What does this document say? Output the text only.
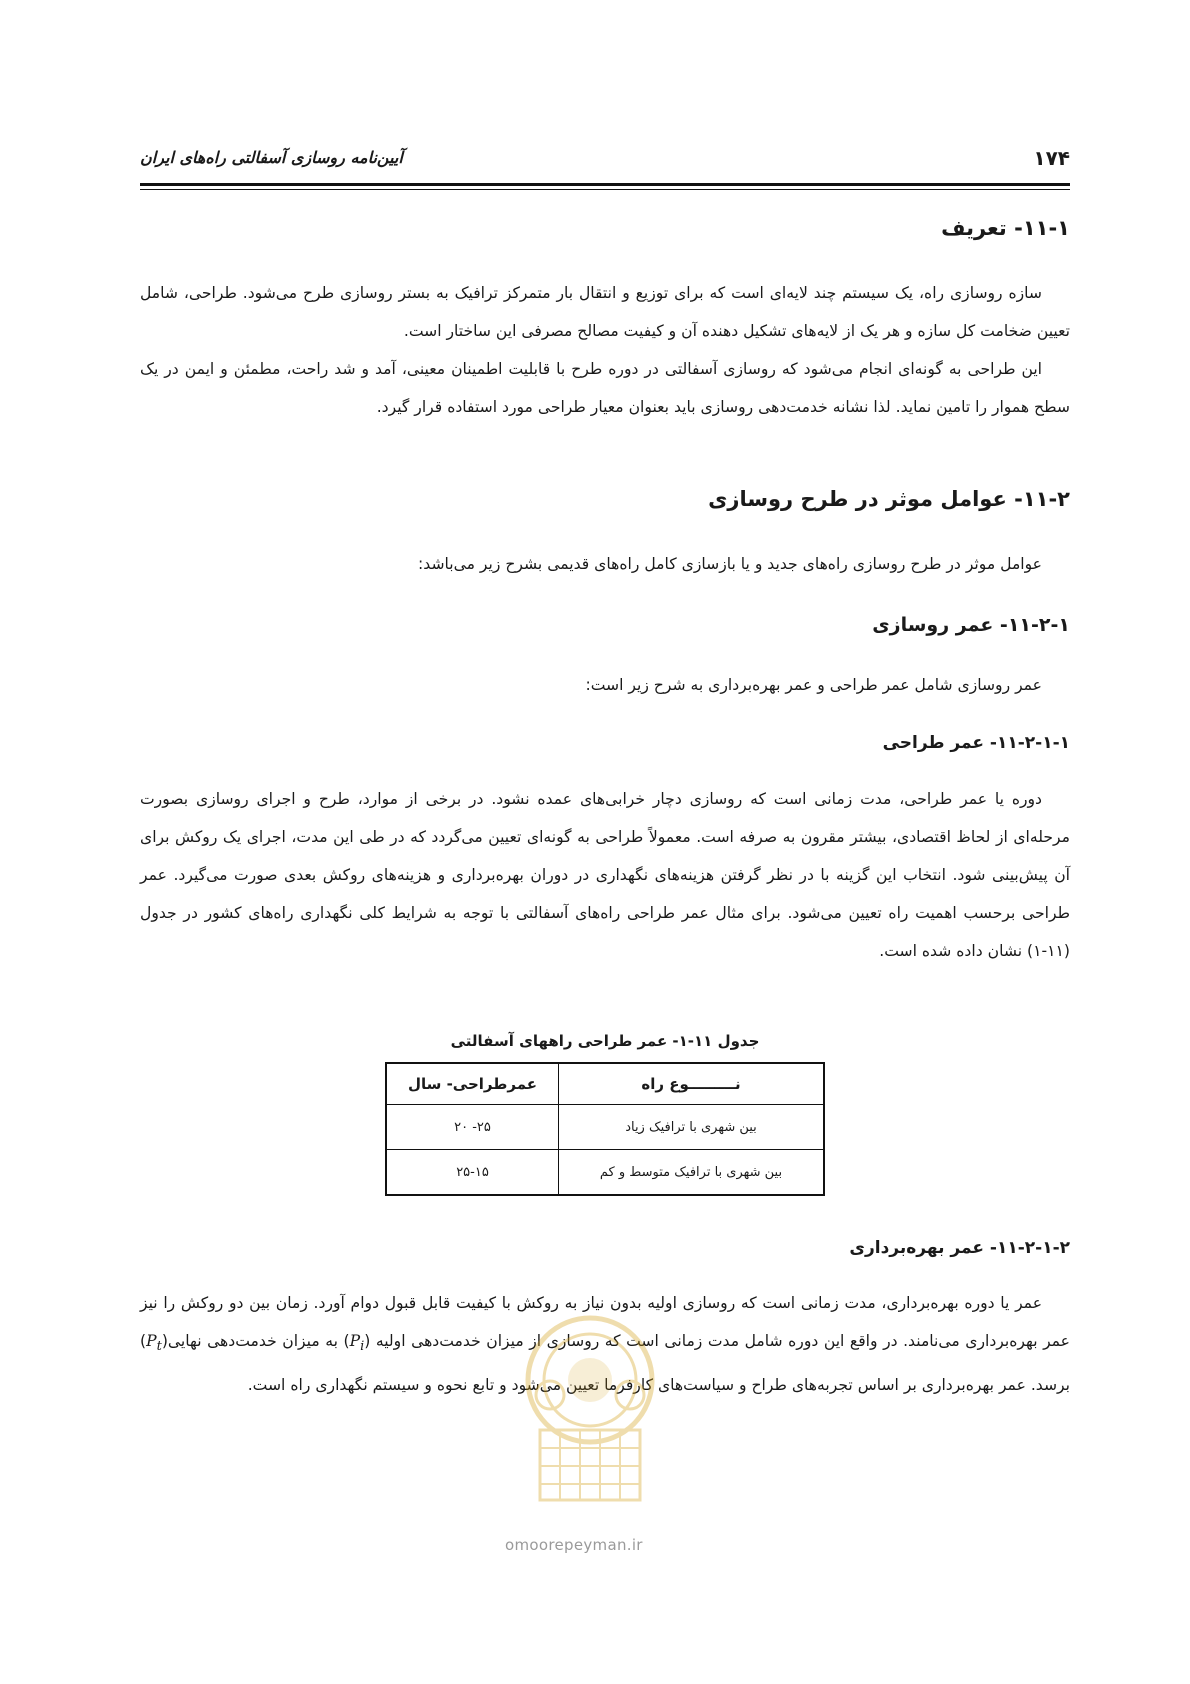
۱۷۴
آیین‌نامه روسازی آسفالتی راه‌های ایران
۱۱-۱- تعریف

سازه روسازی راه، یک سیستم چند لایه‌ای است که برای توزیع و انتقال بار متمرکز ترافیک به بستر روسازی طرح می‌شود. طراحی، شامل تعیین ضخامت کل سازه و هر یک از لایه‌های تشکیل دهنده آن و کیفیت مصالح مصرفی این ساختار است.

این طراحی به گونه‌ای انجام می‌شود که روسازی آسفالتی در دوره طرح با قابلیت اطمینان معینی، آمد و شد راحت، مطمئن و ایمن در یک سطح هموار را تامین نماید. لذا نشانه خدمت‌دهی روسازی باید بعنوان معیار طراحی مورد استفاده قرار گیرد.

۱۱-۲- عوامل موثر در طرح روسازی

عوامل موثر در طرح روسازی راه‌های جدید و یا بازسازی کامل راه‌های قدیمی بشرح زیر می‌باشد:

۱۱-۲-۱- عمر روسازی

عمر روسازی شامل عمر طراحی و عمر بهره‌برداری به شرح زیر است:

۱۱-۲-۱-۱- عمر طراحی

دوره یا عمر طراحی، مدت زمانی است که روسازی دچار خرابی‌های عمده نشود. در برخی از موارد، طرح و اجرای روسازی بصورت مرحله‌ای از لحاظ اقتصادی، بیشتر مقرون به صرفه است. معمولاً طراحی به گونه‌ای تعیین می‌گردد که در طی این مدت، اجرای یک روکش برای آن پیش‌بینی شود. انتخاب این گزینه با در نظر گرفتن هزینه‌های نگهداری در دوران بهره‌برداری و هزینه‌های روکش بعدی صورت می‌گیرد. عمر طراحی برحسب اهمیت راه تعیین می‌شود. برای مثال عمر طراحی راه‌های آسفالتی با توجه به شرایط کلی نگهداری راه‌های کشور در جدول (۱۱-۱) نشان داده شده است.

جدول ۱۱-۱- عمر طراحی راههای آسفالتی
نـــــــــوع راه	عمرطراحی- سال
بین شهری با ترافیک زیاد	۲۵- ۲۰
بین شهری با ترافیک متوسط و کم	۲۵-۱۵
۱۱-۲-۱-۲- عمر بهره‌برداری

عمر یا دوره بهره‌برداری، مدت زمانی است که روسازی اولیه بدون نیاز به روکش با کیفیت قابل قبول دوام آورد. زمان بین دو روکش را نیز عمر بهره‌برداری می‌نامند. در واقع این دوره شامل مدت زمانی است که روسازی از میزان خدمت‌دهی اولیه $(P_i)$ به میزان خدمت‌دهی $نهایی(P_t)$ برسد. عمر بهره‌برداری بر اساس تجربه‌های طراح و سیاست‌های کارفرما تعیین می‌شود و تابع نحوه و سیستم نگهداری راه است.

omoorepeyman.ir
